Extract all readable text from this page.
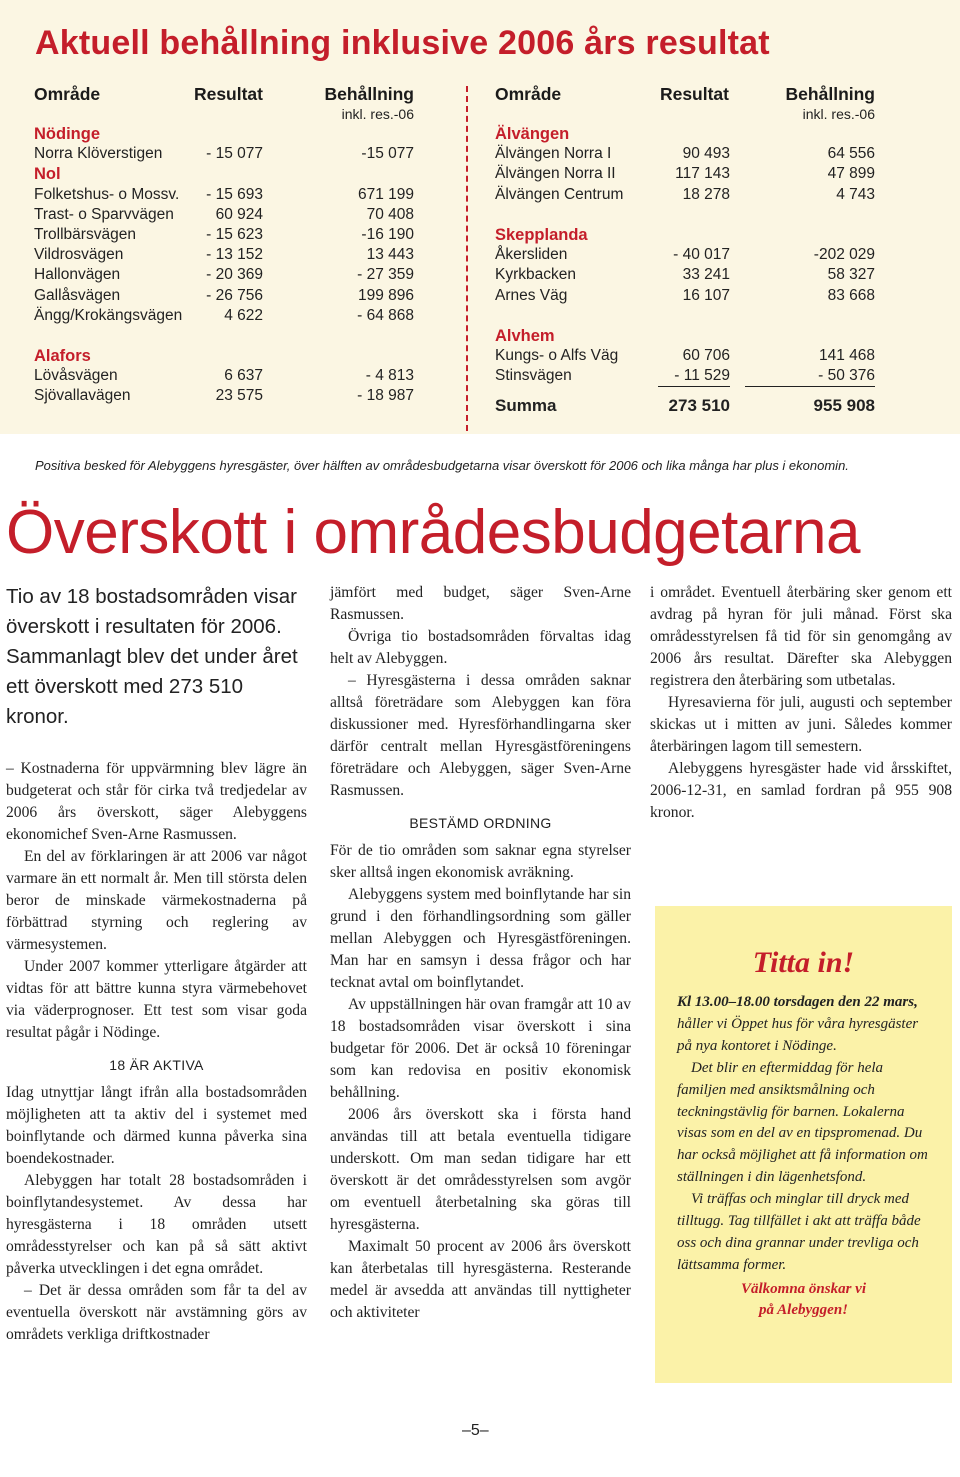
Aktuell behållning inklusive 2006 års resultat
Område	Resultat	Behållning
inkl. res.-06
Nödinge
Norra Klöverstigen	- 15 077	-15 077
Nol
Folketshus- o Mossv. - 15 693	671 199
Trast- o Sparvvägen	60 924	70 408
Trollbärsvägen	- 15 623	-16 190
Vildrosvägen	- 13 152	13 443
Hallonvägen	- 20 369	- 27 359
Gallåsvägen	- 26 756	199 896
Ängg/Krokängsvägen	4 622	- 64 868
Alafors
Lövåsvägen	6 637	- 4 813
Sjövallavägen	23 575	- 18 987
Område	Resultat	Behållning
inkl. res.-06
Älvängen
Älvängen Norra I	90 493	64 556
Älvängen Norra II	117 143	47 899
Älvängen Centrum	18 278	4 743
Skepplanda
Åkersliden	- 40 017	-202 029
Kyrkbacken	33 241	58 327
Arnes Väg	16 107	83 668
Alvhem
Kungs- o Alfs Väg	60 706	141 468
Stinsvägen	- 11 529	- 50 376
Summa	273 510	955 908
Positiva besked för Alebyggens hyresgäster, över hälften av områdesbudgetarna visar överskott för 2006 och lika många har plus i ekonomin.
Överskott i områdesbudgetarna

Tio av 18 bostadsområden visar överskott i resultaten för 2006. Sammanlagt blev det under året ett överskott med 273 510 kronor.

– Kostnaderna för uppvärmning blev lägre än budgeterat och står för cirka två tredjedelar av 2006 års överskott, säger Alebyggens ekonomichef Sven-Arne Rasmussen.

En del av förklaringen är att 2006 var något varmare än ett normalt år. Men till största delen beror de minskade värmekostnaderna på förbättrad styrning och reglering av värmesystemen.

Under 2007 kommer ytterligare åtgärder att vidtas för att bättre kunna styra värmebehovet via väderprognoser. Ett test som visar goda resultat pågår i Nödinge.

18 ÄR AKTIVA

Idag utnyttjar långt ifrån alla bostadsområden möjligheten att ta aktiv del i systemet med boinflytande och därmed kunna påverka sina boendekostnader.

Alebyggen har totalt 28 bostadsområden i boinflytandesystemet. Av dessa har hyresgästerna i 18 områden utsett områdesstyrelser och kan på så sätt aktivt påverka utvecklingen i det egna området.

– Det är dessa områden som får ta del av eventuella överskott när avstämning görs av områdets verkliga driftkostnader

jämfört med budget, säger Sven-Arne Rasmussen.

Övriga tio bostadsområden förvaltas idag helt av Alebyggen.

– Hyresgästerna i dessa områden saknar alltså företrädare som Alebyggen kan föra diskussioner med. Hyresförhandlingarna sker därför centralt mellan Hyresgästföreningens företrädare och Alebyggen, säger Sven-Arne Rasmussen.

BESTÄMD ORDNING

För de tio områden som saknar egna styrelser sker alltså ingen ekonomisk avräkning.

Alebyggens system med boinflytande har sin grund i den förhandlingsordning som gäller mellan Alebyggen och Hyresgästföreningen. Man har en samsyn i dessa frågor och har tecknat avtal om boinflytandet.

Av uppställningen här ovan framgår att 10 av 18 bostadsområden visar överskott i sina budgetar för 2006. Det är också 10 föreningar som kan redovisa en positiv ekonomisk behållning.

2006 års överskott ska i första hand användas till att betala eventuella tidigare underskott. Om man sedan tidigare har ett överskott är det områdesstyrelsen som avgör om eventuell återbetalning ska göras till hyresgästerna.

Maximalt 50 procent av 2006 års överskott kan återbetalas till hyresgästerna. Resterande medel är avsedda att användas till nyttigheter och aktiviteter

i området. Eventuell återbäring sker genom ett avdrag på hyran för juli månad. Först ska områdesstyrelsen få tid för sin genomgång av 2006 års resultat. Därefter ska Alebyggen registrera den återbäring som utbetalas.

Hyresavierna för juli, augusti och september skickas ut i mitten av juni. Således kommer återbäringen lagom till semestern.

Alebyggens hyresgäster hade vid årsskiftet, 2006-12-31, en samlad fordran på 955 908 kronor.

Titta in!

Kl 13.00–18.00 torsdagen den 22 mars, håller vi Öppet hus för våra hyresgäster på nya kontoret i Nödinge.

Det blir en eftermiddag för hela familjen med ansiktsmålning och teckningstävlig för barnen. Lokalerna visas som en del av en tipspromenad. Du har också möjlighet att få information om ställningen i din lägenhetsfond.

Vi träffas och minglar till dryck med tilltugg. Tag tillfället i akt att träffa både oss och dina grannar under trevliga och lättsamma former.

Välkomna önskar vi
på Alebyggen!
–5–
